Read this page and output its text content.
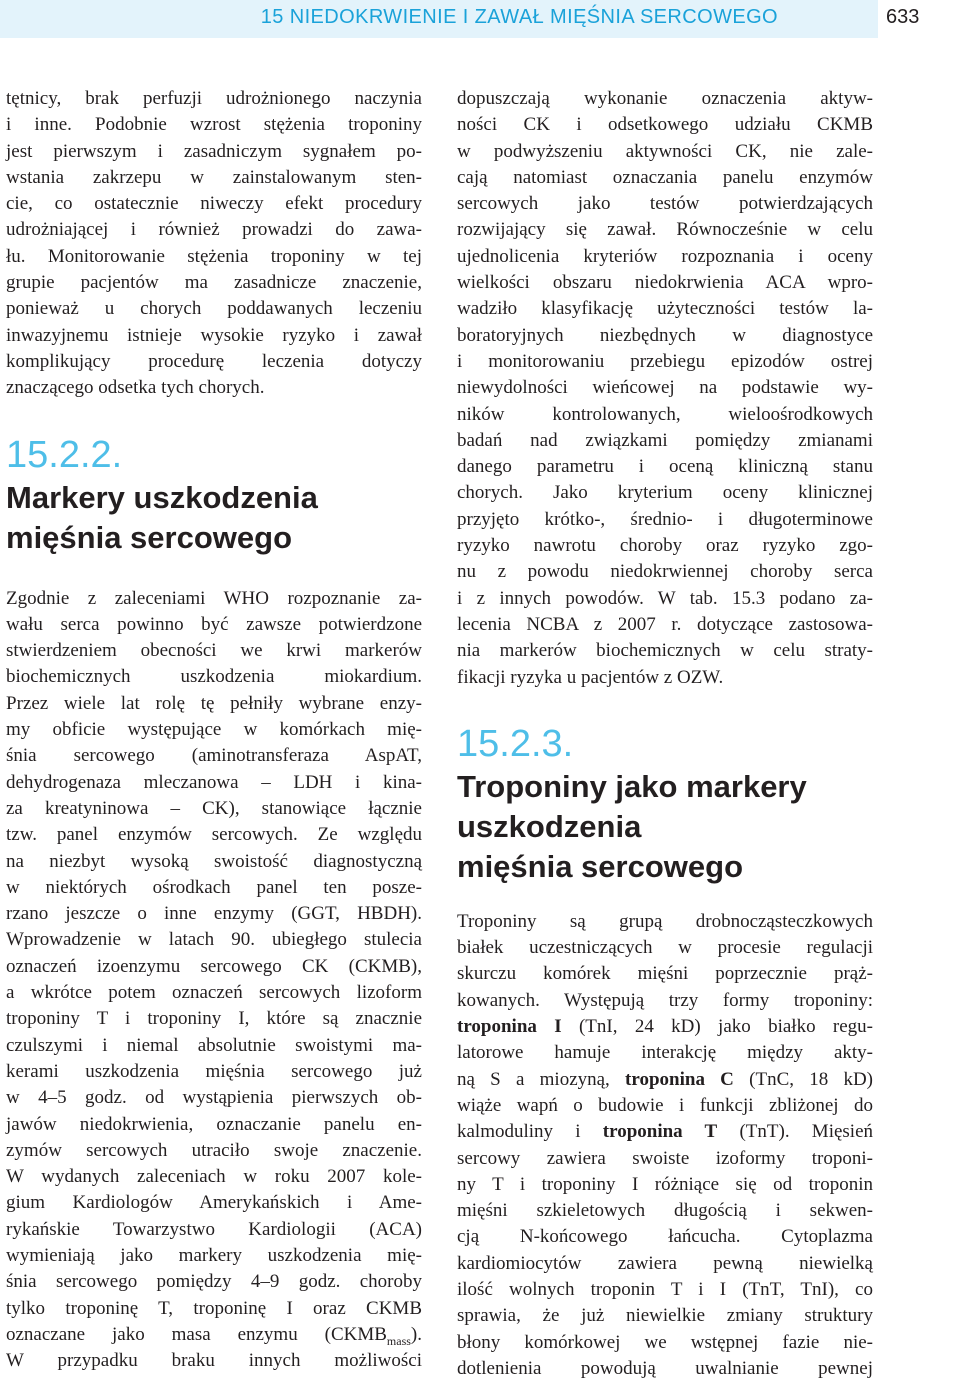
15 NIEDOKRWIENIE I ZAWAŁ MIĘŚNIA SERCOWEGO	633
tętnicy, brak perfuzji udrożnionego naczynia
i inne. Podobnie wzrost stężenia troponiny
jest pierwszym i zasadniczym sygnałem po-
wstania zakrzepu w zainstalowanym sten-
cie, co ostatecznie niweczy efekt procedury
udrożniającej i również prowadzi do zawa-
łu. Monitorowanie stężenia troponiny w tej
grupie pacjentów ma zasadnicze znaczenie,
ponieważ u chorych poddawanych leczeniu
inwazyjnemu istnieje wysokie ryzyko i zawał
komplikujący procedurę leczenia dotyczy
znaczącego odsetka tych chorych.
15.2.2.
Markery uszkodzenia
mięśnia sercowego
Zgodnie z zaleceniami WHO rozpoznanie za-
wału serca powinno być zawsze potwierdzone
stwierdzeniem obecności we krwi markerów
biochemicznych uszkodzenia miokardium.
Przez wiele lat rolę tę pełniły wybrane enzy-
my obficie występujące w komórkach mię-
śnia sercowego (aminotransferaza AspAT,
dehydrogenaza mleczanowa – LDH i kina-
za kreatyninowa – CK), stanowiące łącznie
tzw. panel enzymów sercowych. Ze względu
na niezbyt wysoką swoistość diagnostyczną
w niektórych ośrodkach panel ten posze-
rzano jeszcze o inne enzymy (GGT, HBDH).
Wprowadzenie w latach 90. ubiegłego stulecia
oznaczeń izoenzymu sercowego CK (CKMB),
a wkrótce potem oznaczeń sercowych lizoform
troponiny T i troponiny I, które są znacznie
czulszymi i niemal absolutnie swoistymi ma-
kerami uszkodzenia mięśnia sercowego już
w 4–5 godz. od wystąpienia pierwszych ob-
jawów niedokrwienia, oznaczanie panelu en-
zymów sercowych utraciło swoje znaczenie.
W wydanych zaleceniach w roku 2007 kole-
gium Kardiologów Amerykańskich i Ame-
rykańskie Towarzystwo Kardiologii (ACA)
wymieniają jako markery uszkodzenia mię-
śnia sercowego pomiędzy 4–9 godz. choroby
tylko troponinę T, troponinę I oraz CKMB
oznaczane jako masa enzymu $(CKMB_{mass})$.
W przypadku braku innych możliwości
dopuszczają wykonanie oznaczenia aktyw-
ności CK i odsetkowego udziału CKMB
w podwyższeniu aktywności CK, nie zale-
cają natomiast oznaczania panelu enzymów
sercowych jako testów potwierdzających
rozwijający się zawał. Równocześnie w celu
ujednolicenia kryteriów rozpoznania i oceny
wielkości obszaru niedokrwienia ACA wpro-
wadziło klasyfikację użyteczności testów la-
boratoryjnych niezbędnych w diagnostyce
i monitorowaniu przebiegu epizodów ostrej
niewydolności wieńcowej na podstawie wy-
ników kontrolowanych, wieloośrodkowych
badań nad związkami pomiędzy zmianami
danego parametru i oceną kliniczną stanu
chorych. Jako kryterium oceny klinicznej
przyjęto krótko-, średnio- i długoterminowe
ryzyko nawrotu choroby oraz ryzyko zgo-
nu z powodu niedokrwiennej choroby serca
i z innych powodów. W tab. 15.3 podano za-
lecenia NCBA z 2007 r. dotyczące zastosowa-
nia markerów biochemicznych w celu straty-
fikacji ryzyka u pacjentów z OZW.
15.2.3.
Troponiny jako markery
uszkodzenia
mięśnia sercowego
Troponiny są grupą drobnocząsteczkowych
białek uczestniczących w procesie regulacji
skurczu komórek mięśni poprzecznie prąż-
kowanych. Występują trzy formy troponiny:
troponina I (TnI, 24 kD) jako białko regu-
latorowe hamuje interakcję między akty-
ną S a miozyną, troponina C (TnC, 18 kD)
wiąże wapń o budowie i funkcji zbliżonej do
kalmoduliny i troponina T (TnT). Mięsień
sercowy zawiera swoiste izoformy troponi-
ny T i troponiny I różniące się od troponin
mięśni szkieletowych długością i sekwen-
cją N-końcowego łańcucha. Cytoplazma
kardiomiocytów zawiera pewną niewielką
ilość wolnych troponin T i I (TnT, TnI), co
sprawia, że już niewielkie zmiany struktury
błony komórkowej we wstępnej fazie nie-
dotlenienia powodują uwalnianie pewnej
